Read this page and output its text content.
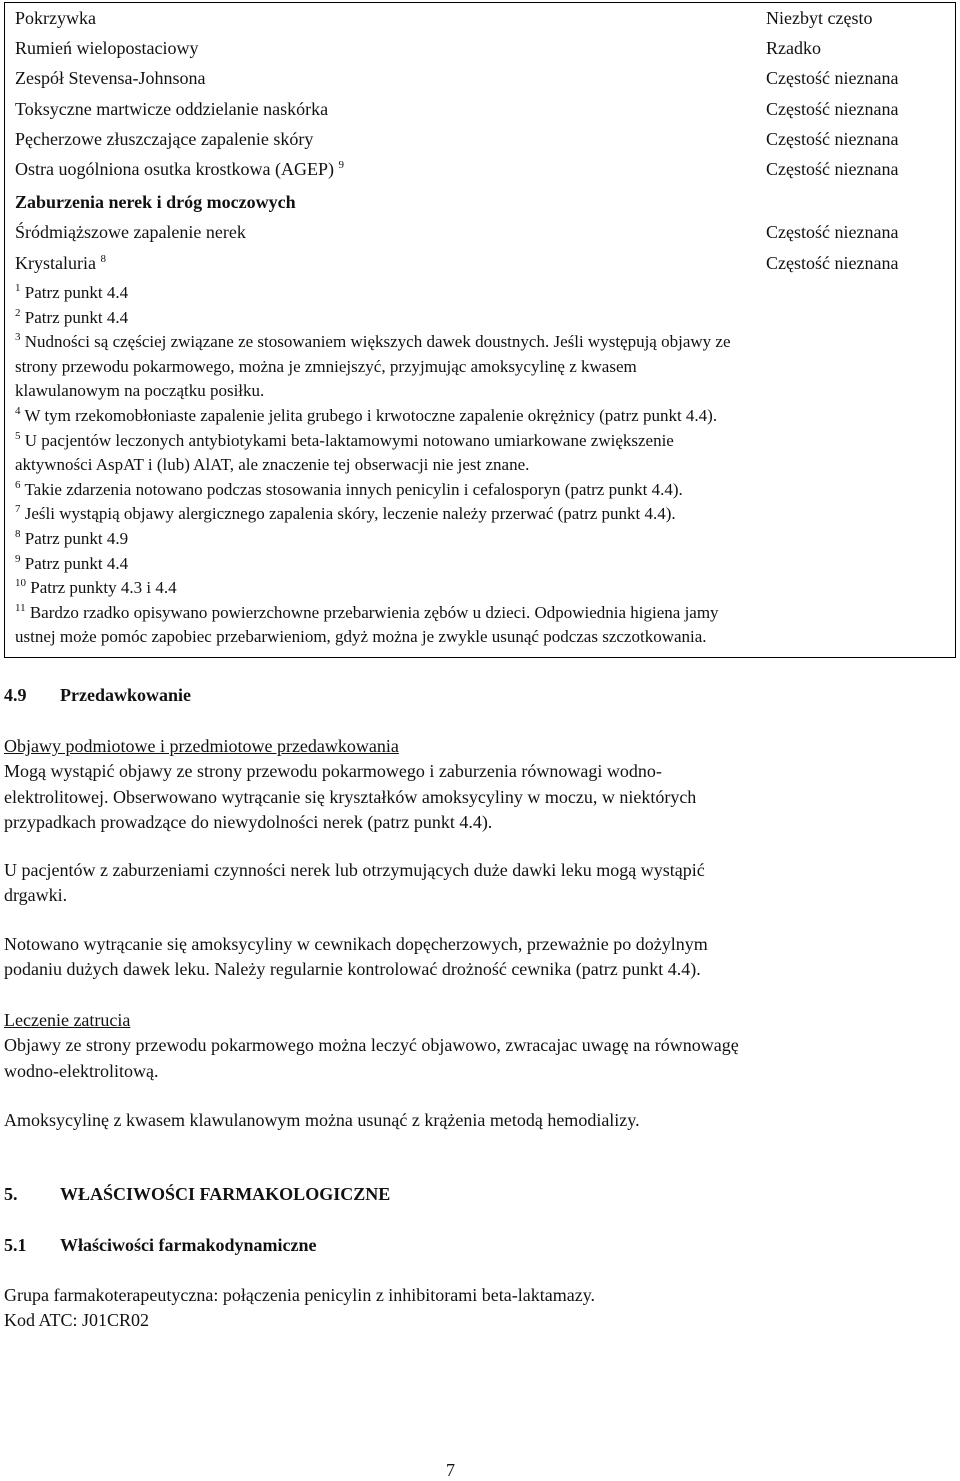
Pokrzywka	Niezbyt często
Rumień wielopostaciowy	Rzadko
Zespół Stevensa-Johnsona	Częstość nieznana
Toksyczne martwicze oddzielanie naskórka	Częstość nieznana
Pęcherzowe złuszczające zapalenie skóry	Częstość nieznana
Ostra uogólniona osutka krostkowa (AGEP) $^9$	Częstość nieznana
Zaburzenia nerek i dróg moczowych
Śródmiąższowe zapalenie nerek	Częstość nieznana
Krystaluria $^8$	Częstość nieznana
$^1$ Patrz punkt 4.4
$^2$ Patrz punkt 4.4
$^3$ Nudności są częściej związane ze stosowaniem większych dawek doustnych. Jeśli występują objawy ze
strony przewodu pokarmowego, można je zmniejszyć, przyjmując amoksycylinę z kwasem
klawulanowym na początku posiłku.
$^4$ W tym rzekomobłoniaste zapalenie jelita grubego i krwotoczne zapalenie okrężnicy (patrz punkt 4.4).
$^5$ U pacjentów leczonych antybiotykami beta-laktamowymi notowano umiarkowane zwiększenie
aktywności AspAT i (lub) AlAT, ale znaczenie tej obserwacji nie jest znane.
$^6$ Takie zdarzenia notowano podczas stosowania innych penicylin i cefalosporyn (patrz punkt 4.4).
$^7$ Jeśli wystąpią objawy alergicznego zapalenia skóry, leczenie należy przerwać (patrz punkt 4.4).
$^8$ Patrz punkt 4.9
$^9$ Patrz punkt 4.4
$^{10}$ Patrz punkty 4.3 i 4.4
$^{11}$ Bardzo rzadko opisywano powierzchowne przebarwienia zębów u dzieci. Odpowiednia higiena jamy
ustnej może pomóc zapobiec przebarwieniom, gdyż można je zwykle usunąć podczas szczotkowania.
4.9 Przedawkowanie
Objawy podmiotowe i przedmiotowe przedawkowania
Mogą wystąpić objawy ze strony przewodu pokarmowego i zaburzenia równowagi wodno-
elektrolitowej. Obserwowano wytrącanie się kryształków amoksycyliny w moczu, w niektórych
przypadkach prowadzące do niewydolności nerek (patrz punkt 4.4).
U pacjentów z zaburzeniami czynności nerek lub otrzymujących duże dawki leku mogą wystąpić
drgawki.
Notowano wytrącanie się amoksycyliny w cewnikach dopęcherzowych, przeważnie po dożylnym
podaniu dużych dawek leku. Należy regularnie kontrolować drożność cewnika (patrz punkt 4.4).
Leczenie zatrucia
Objawy ze strony przewodu pokarmowego można leczyć objawowo, zwracajac uwagę na równowagę
wodno-elektrolitową.
Amoksycylinę z kwasem klawulanowym można usunąć z krążenia metodą hemodializy.
5. WŁAŚCIWOŚCI FARMAKOLOGICZNE
5.1 Właściwości farmakodynamiczne
Grupa farmakoterapeutyczna: połączenia penicylin z inhibitorami beta-laktamazy.
Kod ATC: J01CR02
7
